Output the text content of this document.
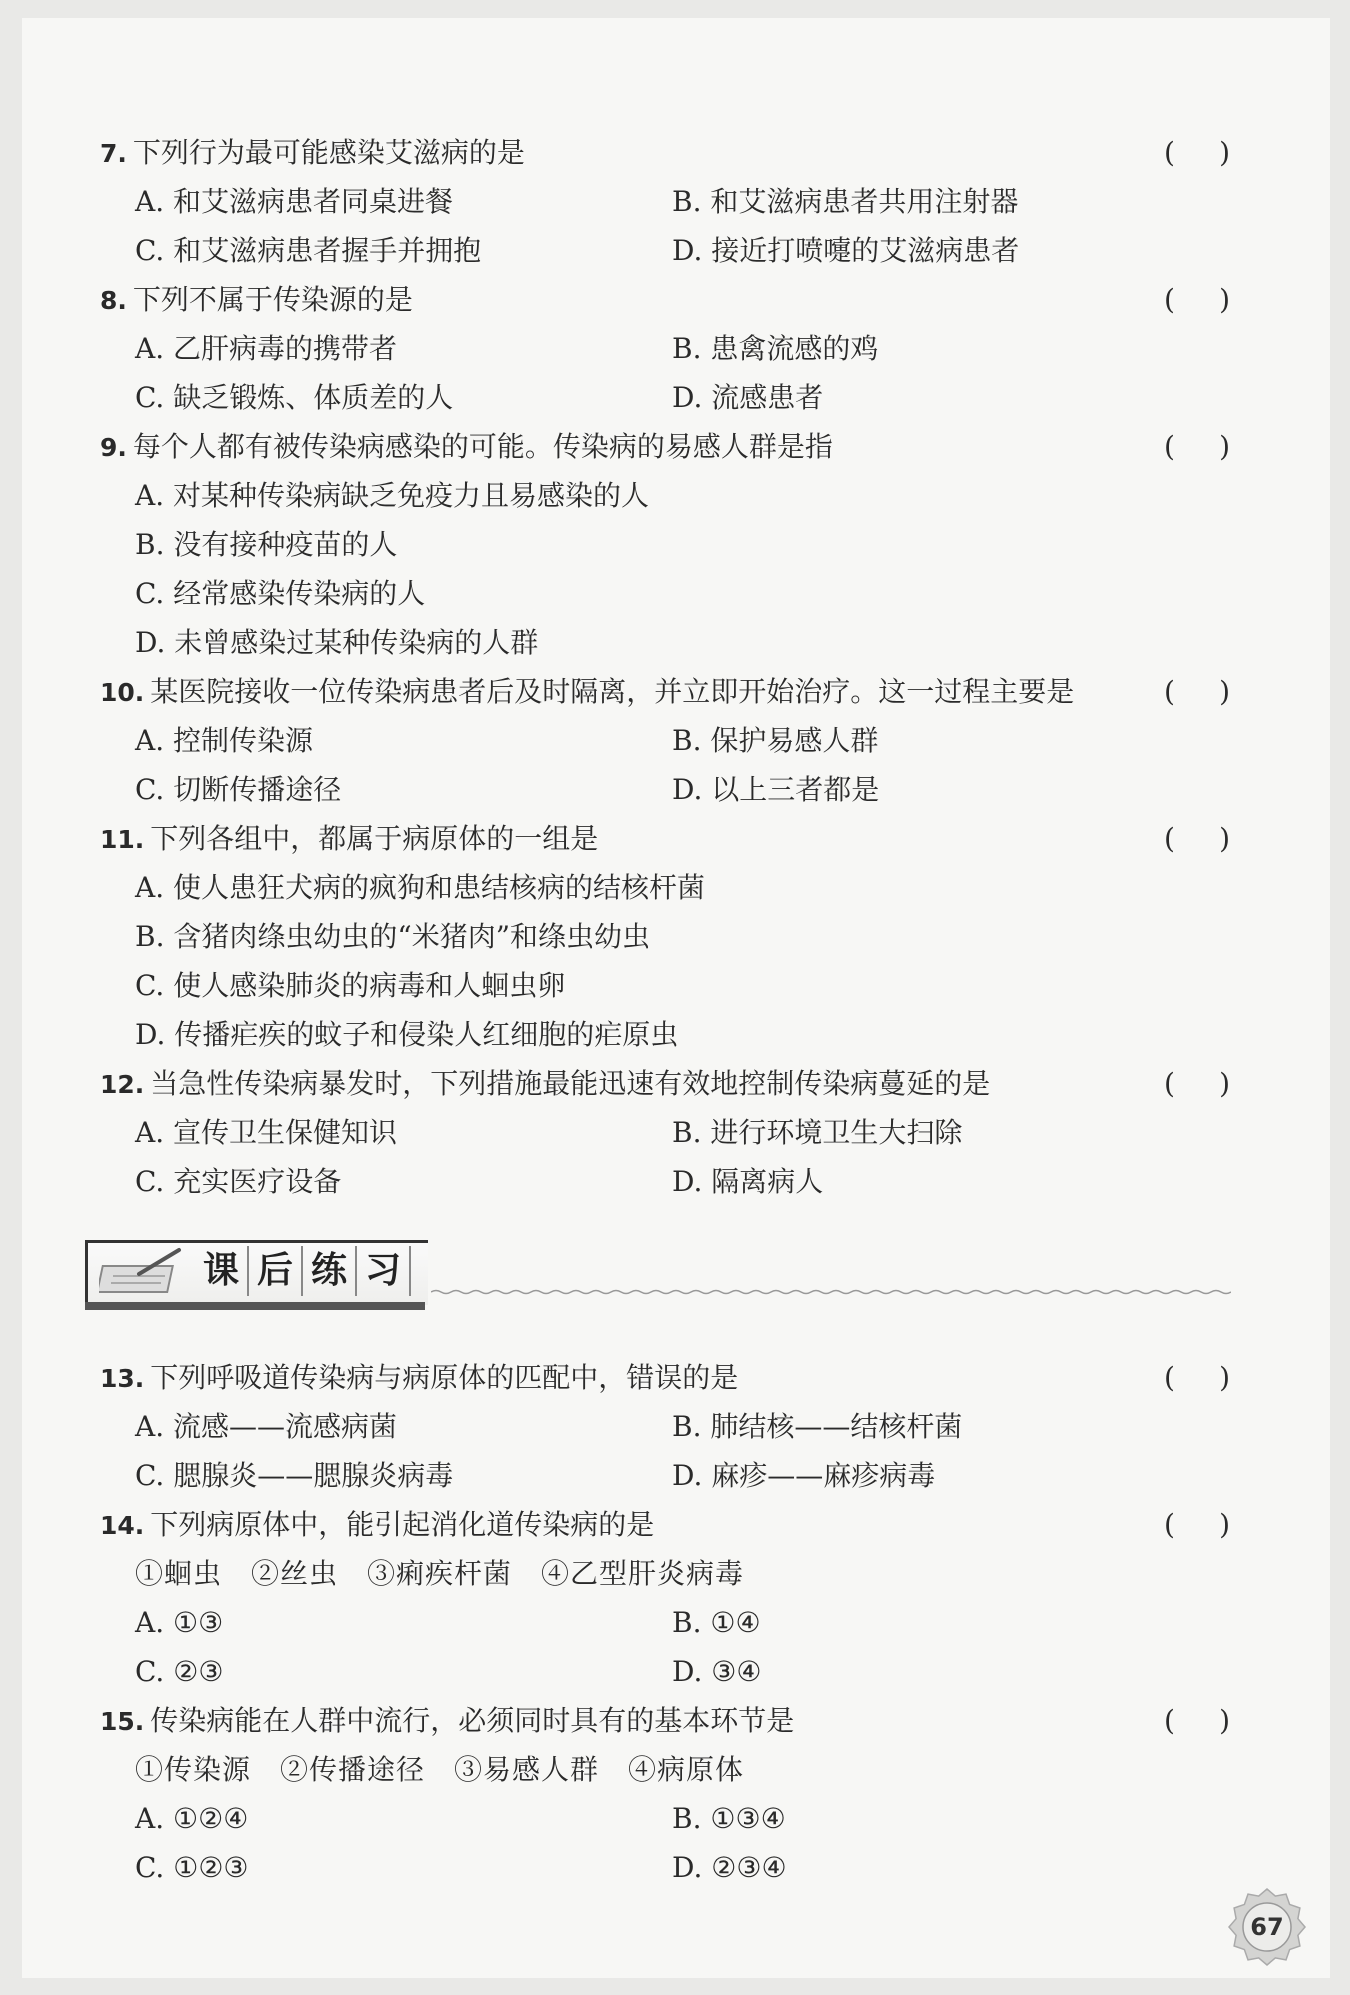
7. 下列行为最可能感染艾滋病的是	( )
A. 和艾滋病患者同桌进餐	B. 和艾滋病患者共用注射器
C. 和艾滋病患者握手并拥抱	D. 接近打喷嚏的艾滋病患者
8. 下列不属于传染源的是	( )
A. 乙肝病毒的携带者	B. 患禽流感的鸡
C. 缺乏锻炼、体质差的人	D. 流感患者
9. 每个人都有被传染病感染的可能。传染病的易感人群是指	( )
A. 对某种传染病缺乏免疫力且易感染的人
B. 没有接种疫苗的人
C. 经常感染传染病的人
D. 未曾感染过某种传染病的人群
10. 某医院接收一位传染病患者后及时隔离，并立即开始治疗。这一过程主要是	( )
A. 控制传染源	B. 保护易感人群
C. 切断传播途径	D. 以上三者都是
11. 下列各组中，都属于病原体的一组是	( )
A. 使人患狂犬病的疯狗和患结核病的结核杆菌
B. 含猪肉绦虫幼虫的“米猪肉”和绦虫幼虫
C. 使人感染肺炎的病毒和人蛔虫卵
D. 传播疟疾的蚊子和侵染人红细胞的疟原虫
12. 当急性传染病暴发时，下列措施最能迅速有效地控制传染病蔓延的是	( )
A. 宣传卫生保健知识	B. 进行环境卫生大扫除
C. 充实医疗设备	D. 隔离病人
课 后 练 习
13. 下列呼吸道传染病与病原体的匹配中，错误的是	( )
A. 流感——流感病菌	B. 肺结核——结核杆菌
C. 腮腺炎——腮腺炎病毒	D. 麻疹——麻疹病毒
14. 下列病原体中，能引起消化道传染病的是	( )
①蛔虫　②丝虫　③痢疾杆菌　④乙型肝炎病毒
A. ①③	B. ①④
C. ②③	D. ③④
15. 传染病能在人群中流行，必须同时具有的基本环节是	( )
①传染源　②传播途径　③易感人群　④病原体
A. ①②④	B. ①③④
C. ①②③	D. ②③④
67
